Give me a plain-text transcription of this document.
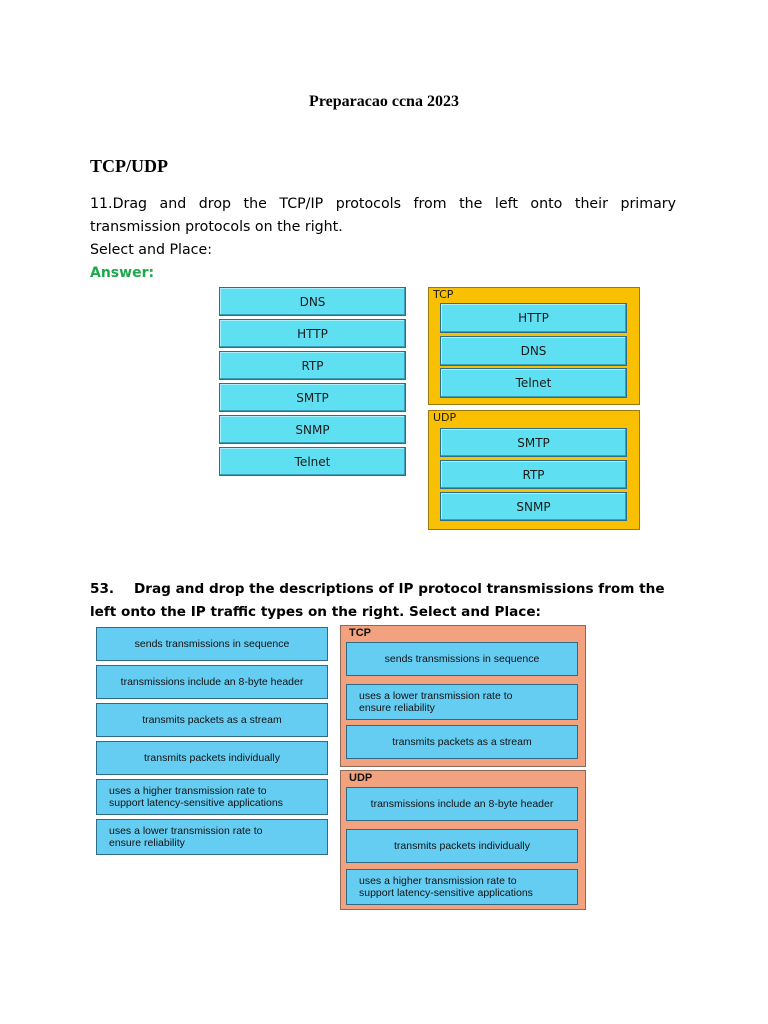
Preparacao ccna 2023
TCP/UDP
11.Drag and drop the TCP/IP protocols from the left onto their primary
transmission protocols on the right.
Select and Place:
Answer:
DNS
HTTP
RTP
SMTP
SNMP
Telnet
TCP
HTTP
DNS
Telnet
UDP
SMTP
RTP
SNMP
53. Drag and drop the descriptions of IP protocol transmissions from the
left onto the IP traffic types on the right. Select and Place:
sends transmissions in sequence
transmissions include an 8-byte header
transmits packets as a stream
transmits packets individually
uses a higher transmission rate to support latency-sensitive applications
uses a lower transmission rate to ensure reliability
TCP
sends transmissions in sequence
uses a lower transmission rate to ensure reliability
transmits packets as a stream
UDP
transmissions include an 8-byte header
transmits packets individually
uses a higher transmission rate to support latency-sensitive applications
